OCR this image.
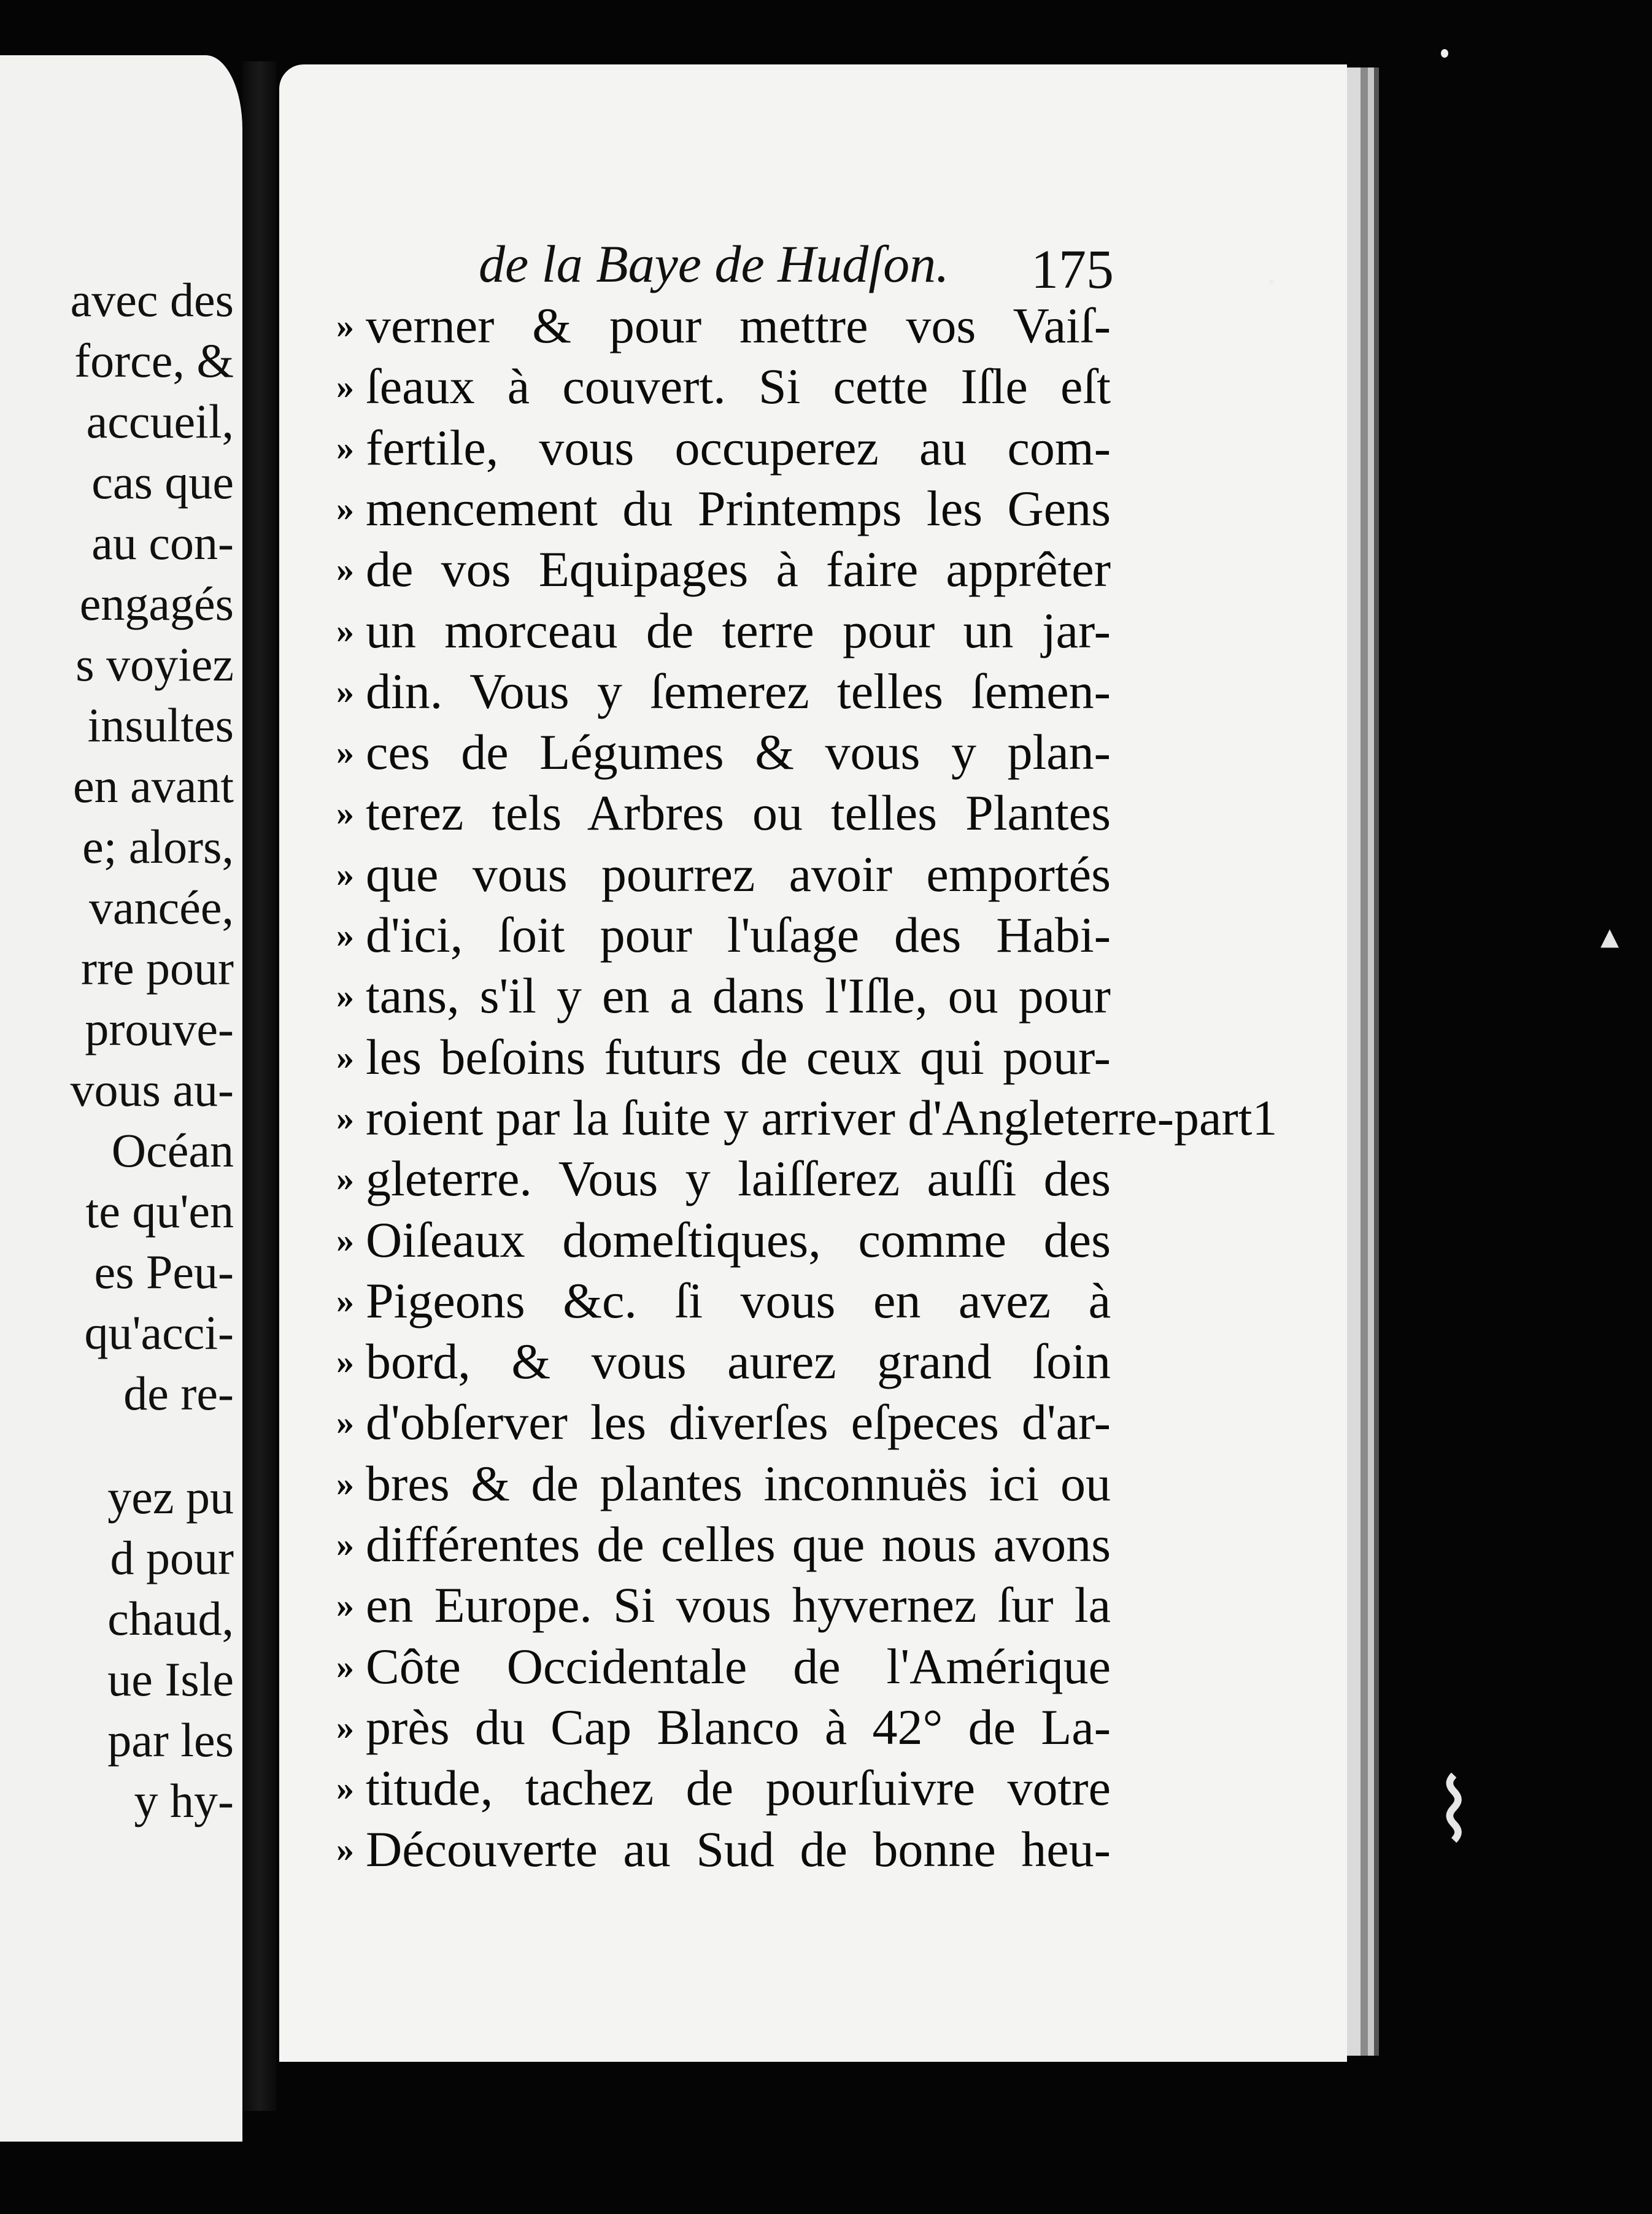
avec des
force, &
accueil,
cas que
au con-
engagés
s voyiez
insultes
en avant
e; alors,
vancée,
rre pour
prouve-
vous au-
Océan
te qu'en
es Peu-
qu'acci-
de re-
yez pu
d pour
chaud,
ue Isle
par les
y hy-
de la Baye de Hudſon.	175
» verner & pour mettre vos Vaiſ-
» ſeaux à couvert. Si cette Iſle eſt
» fertile, vous occuperez au com-
» mencement du Printemps les Gens
» de vos Equipages à faire apprêter
» un morceau de terre pour un jar-
» din. Vous y ſemerez telles ſemen-
» ces de Légumes & vous y plan-
» terez tels Arbres ou telles Plantes
» que vous pourrez avoir emportés
» d'ici, ſoit pour l'uſage des Habi-
» tans, s'il y en a dans l'Iſle, ou pour
» les beſoins futurs de ceux qui pour-
» roient par la ſuite y arriver d'Angleterre-part1
» gleterre. Vous y laiſſerez auſſi des
» Oiſeaux domeſtiques, comme des
» Pigeons &c. ſi vous en avez à
» bord, & vous aurez grand ſoin
» d'obſerver les diverſes eſpeces d'ar-
» bres & de plantes inconnuës ici ou
» différentes de celles que nous avons
» en Europe. Si vous hyvernez ſur la
» Côte Occidentale de l'Amérique
» près du Cap Blanco à 42° de La-
» titude, tachez de pourſuivre votre
» Découverte au Sud de bonne heu-
▴
⌇
